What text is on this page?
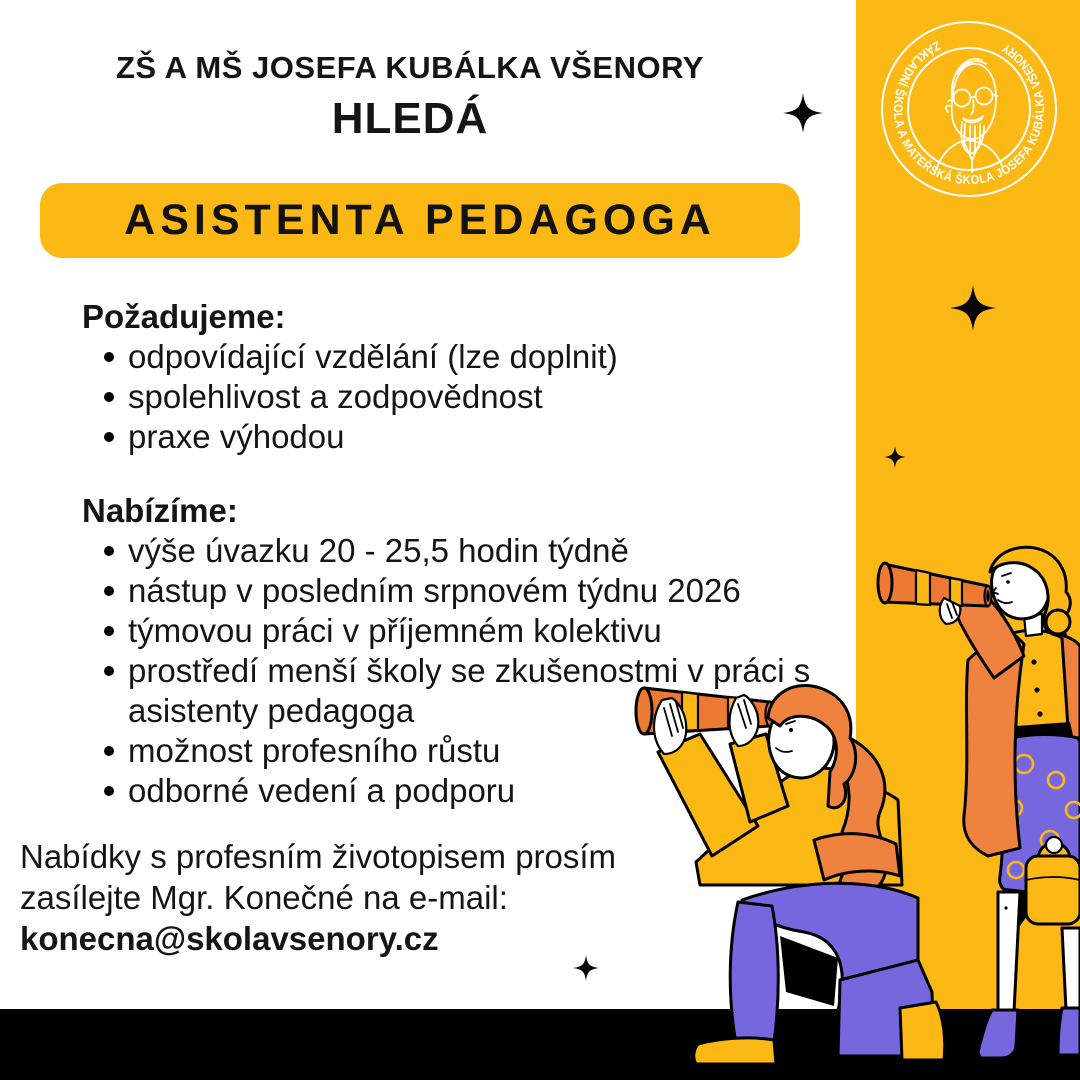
ZÁKLADNÍ ŠKOLA A MATEŘSKÁ ŠKOLA JOSEFA KUBÁLKA VŠENORY
ZŠ A MŠ JOSEFA KUBÁLKA VŠENORY
HLEDÁ
ASISTENTA PEDAGOGA
Požadujeme:
odpovídající vzdělání (lze doplnit)
spolehlivost a zodpovědnost
praxe výhodou
Nabízíme:
výše úvazku 20 - 25,5 hodin týdně
nástup v posledním srpnovém týdnu 2026
týmovou práci v příjemném kolektivu
prostředí menší školy se zkušenostmi v práci s asistenty pedagoga
možnost profesního růstu
odborné vedení a podporu
Nabídky s profesním životopisem prosím
zasílejte Mgr. Konečné na e-mail:
konecna@skolavsenory.cz
